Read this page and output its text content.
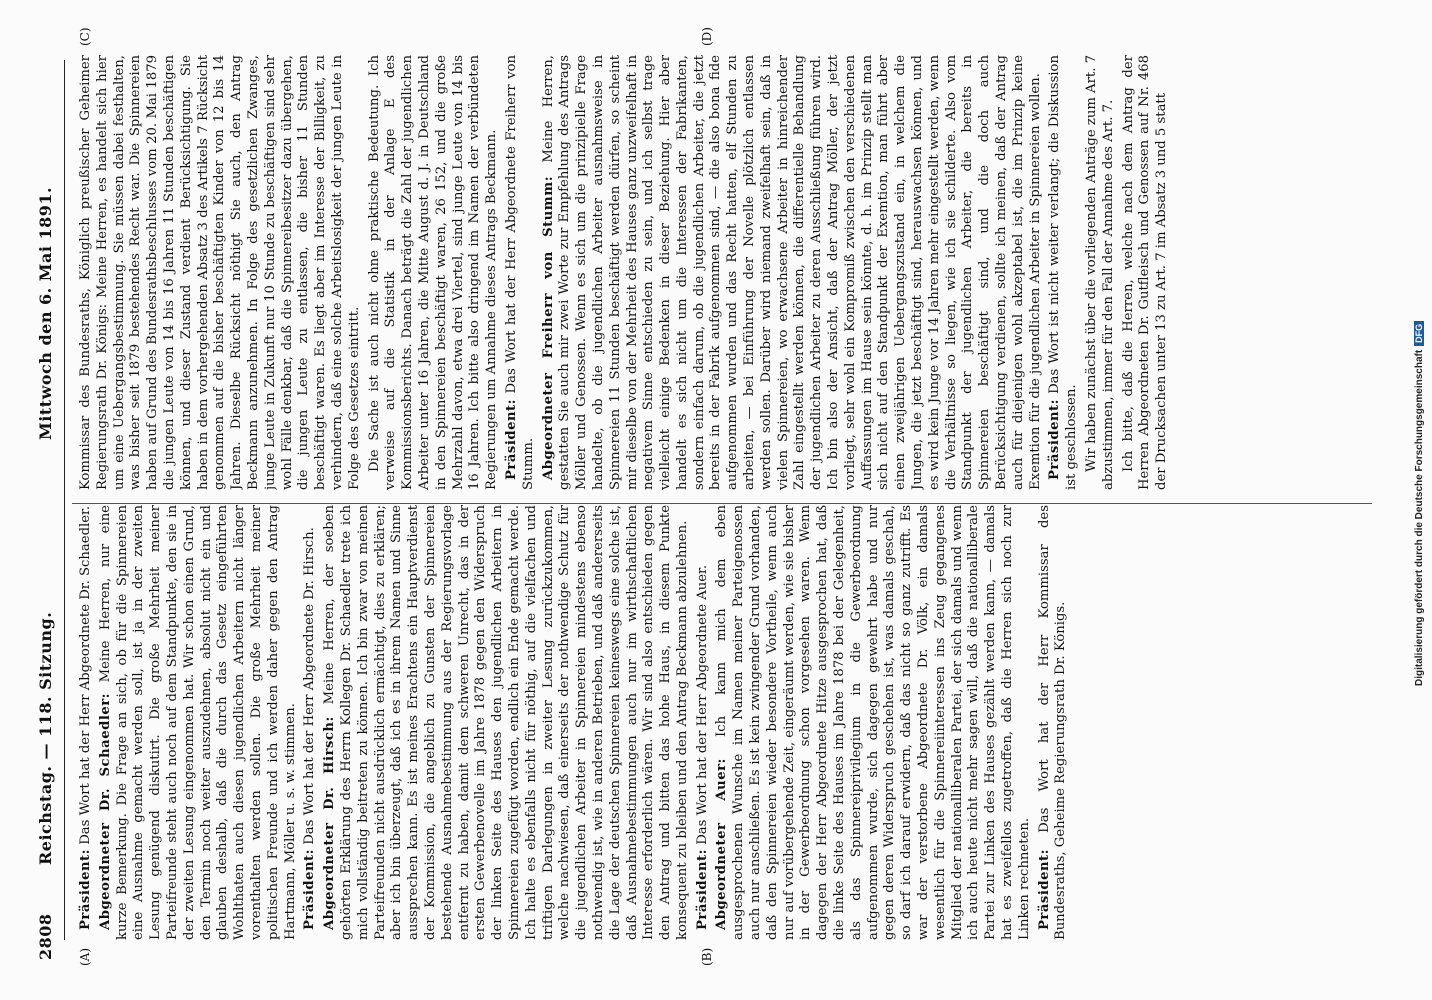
2808
Reichstag. — 118. Sitzung.
Mittwoch den 6. Mai 1891.
(A)	(B)
(C)	(D)

Präsident: Das Wort hat der Herr Abgeordnete Dr. Schaedler. Abgeordneter Dr. Schaedler: Meine Herren, nur eine kurze Bemerkung. Die Frage an sich, ob für die Spinnereien eine Ausnahme gemacht werden soll, ist ja in der zweiten Lesung genügend diskutirt. Die große Mehrheit meiner Parteifreunde steht auch noch auf dem Standpunkte, den sie in der zweiten Lesung eingenommen hat. Wir schon einen Grund, den Termin noch weiter auszudehnen, absolut nicht ein und glauben deshalb, daß die durch das Gesetz eingeführten Wohlthaten auch diesen jugendlichen Arbeitern nicht länger vorenthalten werden sollen. Die große Mehrheit meiner politischen Freunde und ich werden daher gegen den Antrag Hartmann, Möller u. s. w. stimmen. Präsident: Das Wort hat der Herr Abgeordnete Dr. Hirsch. Abgeordneter Dr. Hirsch: Meine Herren, der soeben gehörten Erklärung des Herrn Kollegen Dr. Schaedler trete ich mich vollständig beitreten zu können. Ich bin zwar von meinen Parteifreunden nicht ausdrücklich ermächtigt, dies zu erklären; aber ich bin überzeugt, daß ich es in ihrem Namen und Sinne aussprechen kann. Es ist meines Erachtens ein Hauptverdienst der Kommission, die angeblich zu Gunsten der Spinnereien bestehende Ausnahmebestimmung aus der Regierungsvorlage entfernt zu haben, damit dem schweren Unrecht, das in der ersten Gewerbenovelle im Jahre 1878 gegen den Widerspruch der linken Seite des Hauses den jugendlichen Arbeitern in Spinnereien zugefügt worden, endlich ein Ende gemacht werde. Ich halte es ebenfalls nicht für nöthig, auf die vielfachen und triftigen Darlegungen in zweiter Lesung zurückzukommen, welche nachwiesen, daß einerseits der nothwendige Schutz für die jugendlichen Arbeiter in Spinnereien mindestens ebenso nothwendig ist, wie in anderen Betrieben, und daß andererseits die Lage der deutschen Spinnereien keineswegs eine solche ist, daß Ausnahmebestimmungen auch nur im wirthschaftlichen Interesse erforderlich wären. Wir sind also entschieden gegen den Antrag und bitten das hohe Haus, in diesem Punkte konsequent zu bleiben und den Antrag Beckmann abzulehnen. Präsident: Das Wort hat der Herr Abgeordnete Auer. Abgeordneter Auer: Ich kann mich dem eben ausgesprochenen Wunsche im Namen meiner Parteigenossen auch nur anschließen. Es ist kein zwingender Grund vorhanden, daß den Spinnereien wieder besondere Vortheile, wenn auch nur auf vorübergehende Zeit, eingeräumt werden, wie sie bisher in der Gewerbeordnung schon vorgesehen waren. Wenn dagegen der Herr Abgeordnete Hitze ausgesprochen hat, daß die linke Seite des Hauses im Jahre 1878 bei der Gelegenheit, als das Spinnereiprivilegium in die Gewerbeordnung aufgenommen wurde, sich dagegen gewehrt habe und nur gegen deren Widerspruch geschehen ist, was damals geschah, so darf ich darauf erwidern, daß das nicht so ganz zutrifft. Es war der verstorbene Abgeordnete Dr. Völk, ein damals wesentlich für die Spinnereiinteressen ins Zeug gegangenes Mitglied der nationalliberalen Partei, der sich damals und wenn ich auch heute nicht mehr sagen will, daß die nationalliberale Partei zur Linken des Hauses gezählt werden kann, — damals hat es zweifellos zugetroffen, daß die Herren sich noch zur Linken rechneten. Präsident: Das Wort hat der Herr Kommissar des Bundesraths, Geheime Regierungsrath Dr. Königs.

Kommissar des Bundesraths, Königlich preußischer Geheimer Regierungsrath Dr. Königs: Meine Herren, es handelt sich hier um eine Uebergangsbestimmung. Sie müssen dabei festhalten, was bisher seit 1879 bestehendes Recht war. Die Spinnereien haben auf Grund des Bundesrathsbeschlusses vom 20. Mai 1879 die jungen Leute von 14 bis 16 Jahren 11 Stunden beschäftigen können, und dieser Zustand verdient Berücksichtigung. Sie haben in dem vorhergehenden Absatz 3 des Artikels 7 Rücksicht genommen auf die bisher beschäftigten Kinder von 12 bis 14 Jahren. Dieselbe Rücksicht nöthigt Sie auch, den Antrag Beckmann anzunehmen. In Folge des gesetzlichen Zwanges, junge Leute in Zukunft nur 10 Stunde zu beschäftigen sind sehr wohl Fälle denkbar, daß die Spinnereibesitzer dazu übergehen, die jungen Leute zu entlassen, die bisher 11 Stunden beschäftigt waren. Es liegt aber im Interesse der Billigkeit, zu verhindern, daß eine solche Arbeitslosigkeit der jungen Leute in Folge des Gesetzes eintritt. Die Sache ist auch nicht ohne praktische Bedeutung. Ich verweise auf die Statistik in der Anlage E des Kommissionsberichts. Danach beträgt die Zahl der jugendlichen Arbeiter unter 16 Jahren, die Mitte August d. J. in Deutschland in den Spinnereien beschäftigt waren, 26 152, und die große Mehrzahl davon, etwa drei Viertel, sind junge Leute von 14 bis 16 Jahren. Ich bitte also dringend im Namen der verbündeten Regierungen um Annahme dieses Antrags Beckmann. Präsident: Das Wort hat der Herr Abgeordnete Freiherr von Stumm. Abgeordneter Freiherr von Stumm: Meine Herren, gestatten Sie auch mir zwei Worte zur Empfehlung des Antrags Möller und Genossen. Wenn es sich um die prinzipielle Frage handelte, ob die jugendlichen Arbeiter ausnahmsweise in Spinnereien 11 Stunden beschäftigt werden dürfen, so scheint mir dieselbe von der Mehrheit des Hauses ganz unzweifelhaft in negativem Sinne entschieden zu sein, und ich selbst trage vielleicht einige Bedenken in dieser Beziehung. Hier aber handelt es sich nicht um die Interessen der Fabrikanten, sondern einfach darum, ob die jugendlichen Arbeiter, die jetzt bereits in der Fabrik aufgenommen sind, — die also bona fide aufgenommen wurden und das Recht hatten, elf Stunden zu arbeiten, — bei Einführung der Novelle plötzlich entlassen werden sollen. Darüber wird niemand zweifelhaft sein, daß in vielen Spinnereien, wo erwachsene Arbeiter in hinreichender Zahl eingestellt werden können, die differentielle Behandlung der jugendlichen Arbeiter zu deren Ausschließung führen wird. Ich bin also der Ansicht, daß der Antrag Möller, der jetzt vorliegt, sehr wohl ein Kompromiß zwischen den verschiedenen Auffassungen im Hause sein könnte, d. h. im Prinzip stellt man sich nicht auf den Standpunkt der Exemtion, man führt aber einen zweijährigen Uebergangszustand ein, in welchem die Jungen, die jetzt beschäftigt sind, herauswachsen können, und es wird kein Junge vor 14 Jahren mehr eingestellt werden, wenn die Verhältnisse so liegen, wie ich sie schilderte. Also vom Standpunkt der jugendlichen Arbeiter, die bereits in Spinnereien beschäftigt sind, und die doch auch Berücksichtigung verdienen, sollte ich meinen, daß der Antrag auch für diejenigen wohl akzeptabel ist, die im Prinzip keine Exemtion für die jugendlichen Arbeiter in Spinnereien wollen. Präsident: Das Wort ist nicht weiter verlangt; die Diskussion ist geschlossen. Wir haben zunächst über die vorliegenden Anträge zum Art. 7 abzustimmen, immer für den Fall der Annahme des Art. 7. Ich bitte, daß die Herren, welche nach dem Antrag der Herren Abgeordneten Dr. Gutfleisch und Genossen auf Nr. 468 der Drucksachen unter 13 zu Art. 7 im Absatz 3 und 5 statt

Digitalisierung gefördert durch die Deutsche ForschungsgemeinschaftDFG
